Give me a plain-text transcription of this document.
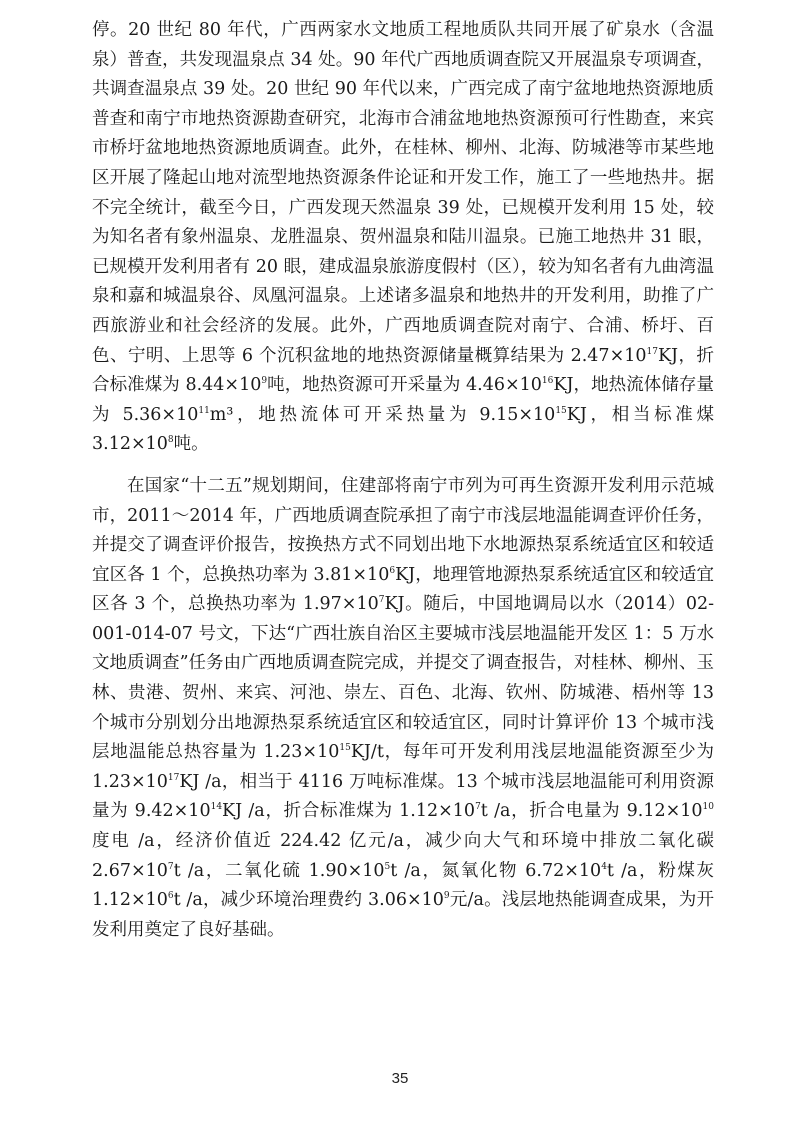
停。20 世纪 80 年代，广西两家水文地质工程地质队共同开展了矿泉水（含温泉）普查，共发现温泉点 34 处。90 年代广西地质调查院又开展温泉专项调查，共调查温泉点 39 处。20 世纪 90 年代以来，广西完成了南宁盆地地热资源地质普查和南宁市地热资源勘查研究，北海市合浦盆地地热资源预可行性勘查，来宾市桥圩盆地地热资源地质调查。此外，在桂林、柳州、北海、防城港等市某些地区开展了隆起山地对流型地热资源条件论证和开发工作，施工了一些地热井。据不完全统计，截至今日，广西发现天然温泉 39 处，已规模开发利用 15 处，较为知名者有象州温泉、龙胜温泉、贺州温泉和陆川温泉。已施工地热井 31 眼，已规模开发利用者有 20 眼，建成温泉旅游度假村（区），较为知名者有九曲湾温泉和嘉和城温泉谷、凤凰河温泉。上述诸多温泉和地热井的开发利用，助推了广西旅游业和社会经济的发展。此外，广西地质调查院对南宁、合浦、桥圩、百色、宁明、上思等 6 个沉积盆地的地热资源储量概算结果为 $2.47\times 10^{17}KJ$，折合标准煤为 $8.44\times 10^9$吨，地热资源可开采量为 $4.46\times 10^{16}KJ$，地热流体储存量为 $5.36\times 10^{11}m^3$，地热流体可开采热量为 $9.15\times 10^{15}KJ$，相当标准煤 $3.12\times 10^8$吨。

在国家“十二五”规划期间，住建部将南宁市列为可再生资源开发利用示范城市，2011～2014 年，广西地质调查院承担了南宁市浅层地温能调查评价任务，并提交了调查评价报告，按换热方式不同划出地下水地源热泵系统适宜区和较适宜区各 1 个，总换热功率为 $3.81\times 10^6KJ$，地理管地源热泵系统适宜区和较适宜区各 3 个，总换热功率为 $1.97\times 10^7KJ$。随后，中国地调局以水（2014）02-001-014-07 号文，下达“广西壮族自治区主要城市浅层地温能开发区 1：5 万水文地质调查”任务由广西地质调查院完成，并提交了调查报告，对桂林、柳州、玉林、贵港、贺州、来宾、河池、崇左、百色、北海、钦州、防城港、梧州等 13 个城市分别划分出地源热泵系统适宜区和较适宜区，同时计算评价 13 个城市浅层地温能总热容量为 $1.23\times 10^{15}KJ/t$，每年可开发利用浅层地温能资源至少为 $1.23\times 10^{17}KJ$ /a，相当于 4116 万吨标准煤。13 个城市浅层地温能可利用资源量为 $9.42\times 10^{14}KJ$ /a，折合标准煤为 $1.12\times 10^7t$ /a，折合电量为 $9.12\times 10^{10}$度电 /a，经济价值近 224.42 亿元/a，减少向大气和环境中排放二氧化碳 $2.67\times 10^7t$ /a，二氧化硫 $1.90\times 10^5t$ /a，氮氧化物 $6.72\times 10^4t$ /a，粉煤灰 $1.12\times 10^6t$ /a，减少环境治理费约 $3.06\times 10^9$元/a。浅层地热能调查成果，为开发利用奠定了良好基础。

35
